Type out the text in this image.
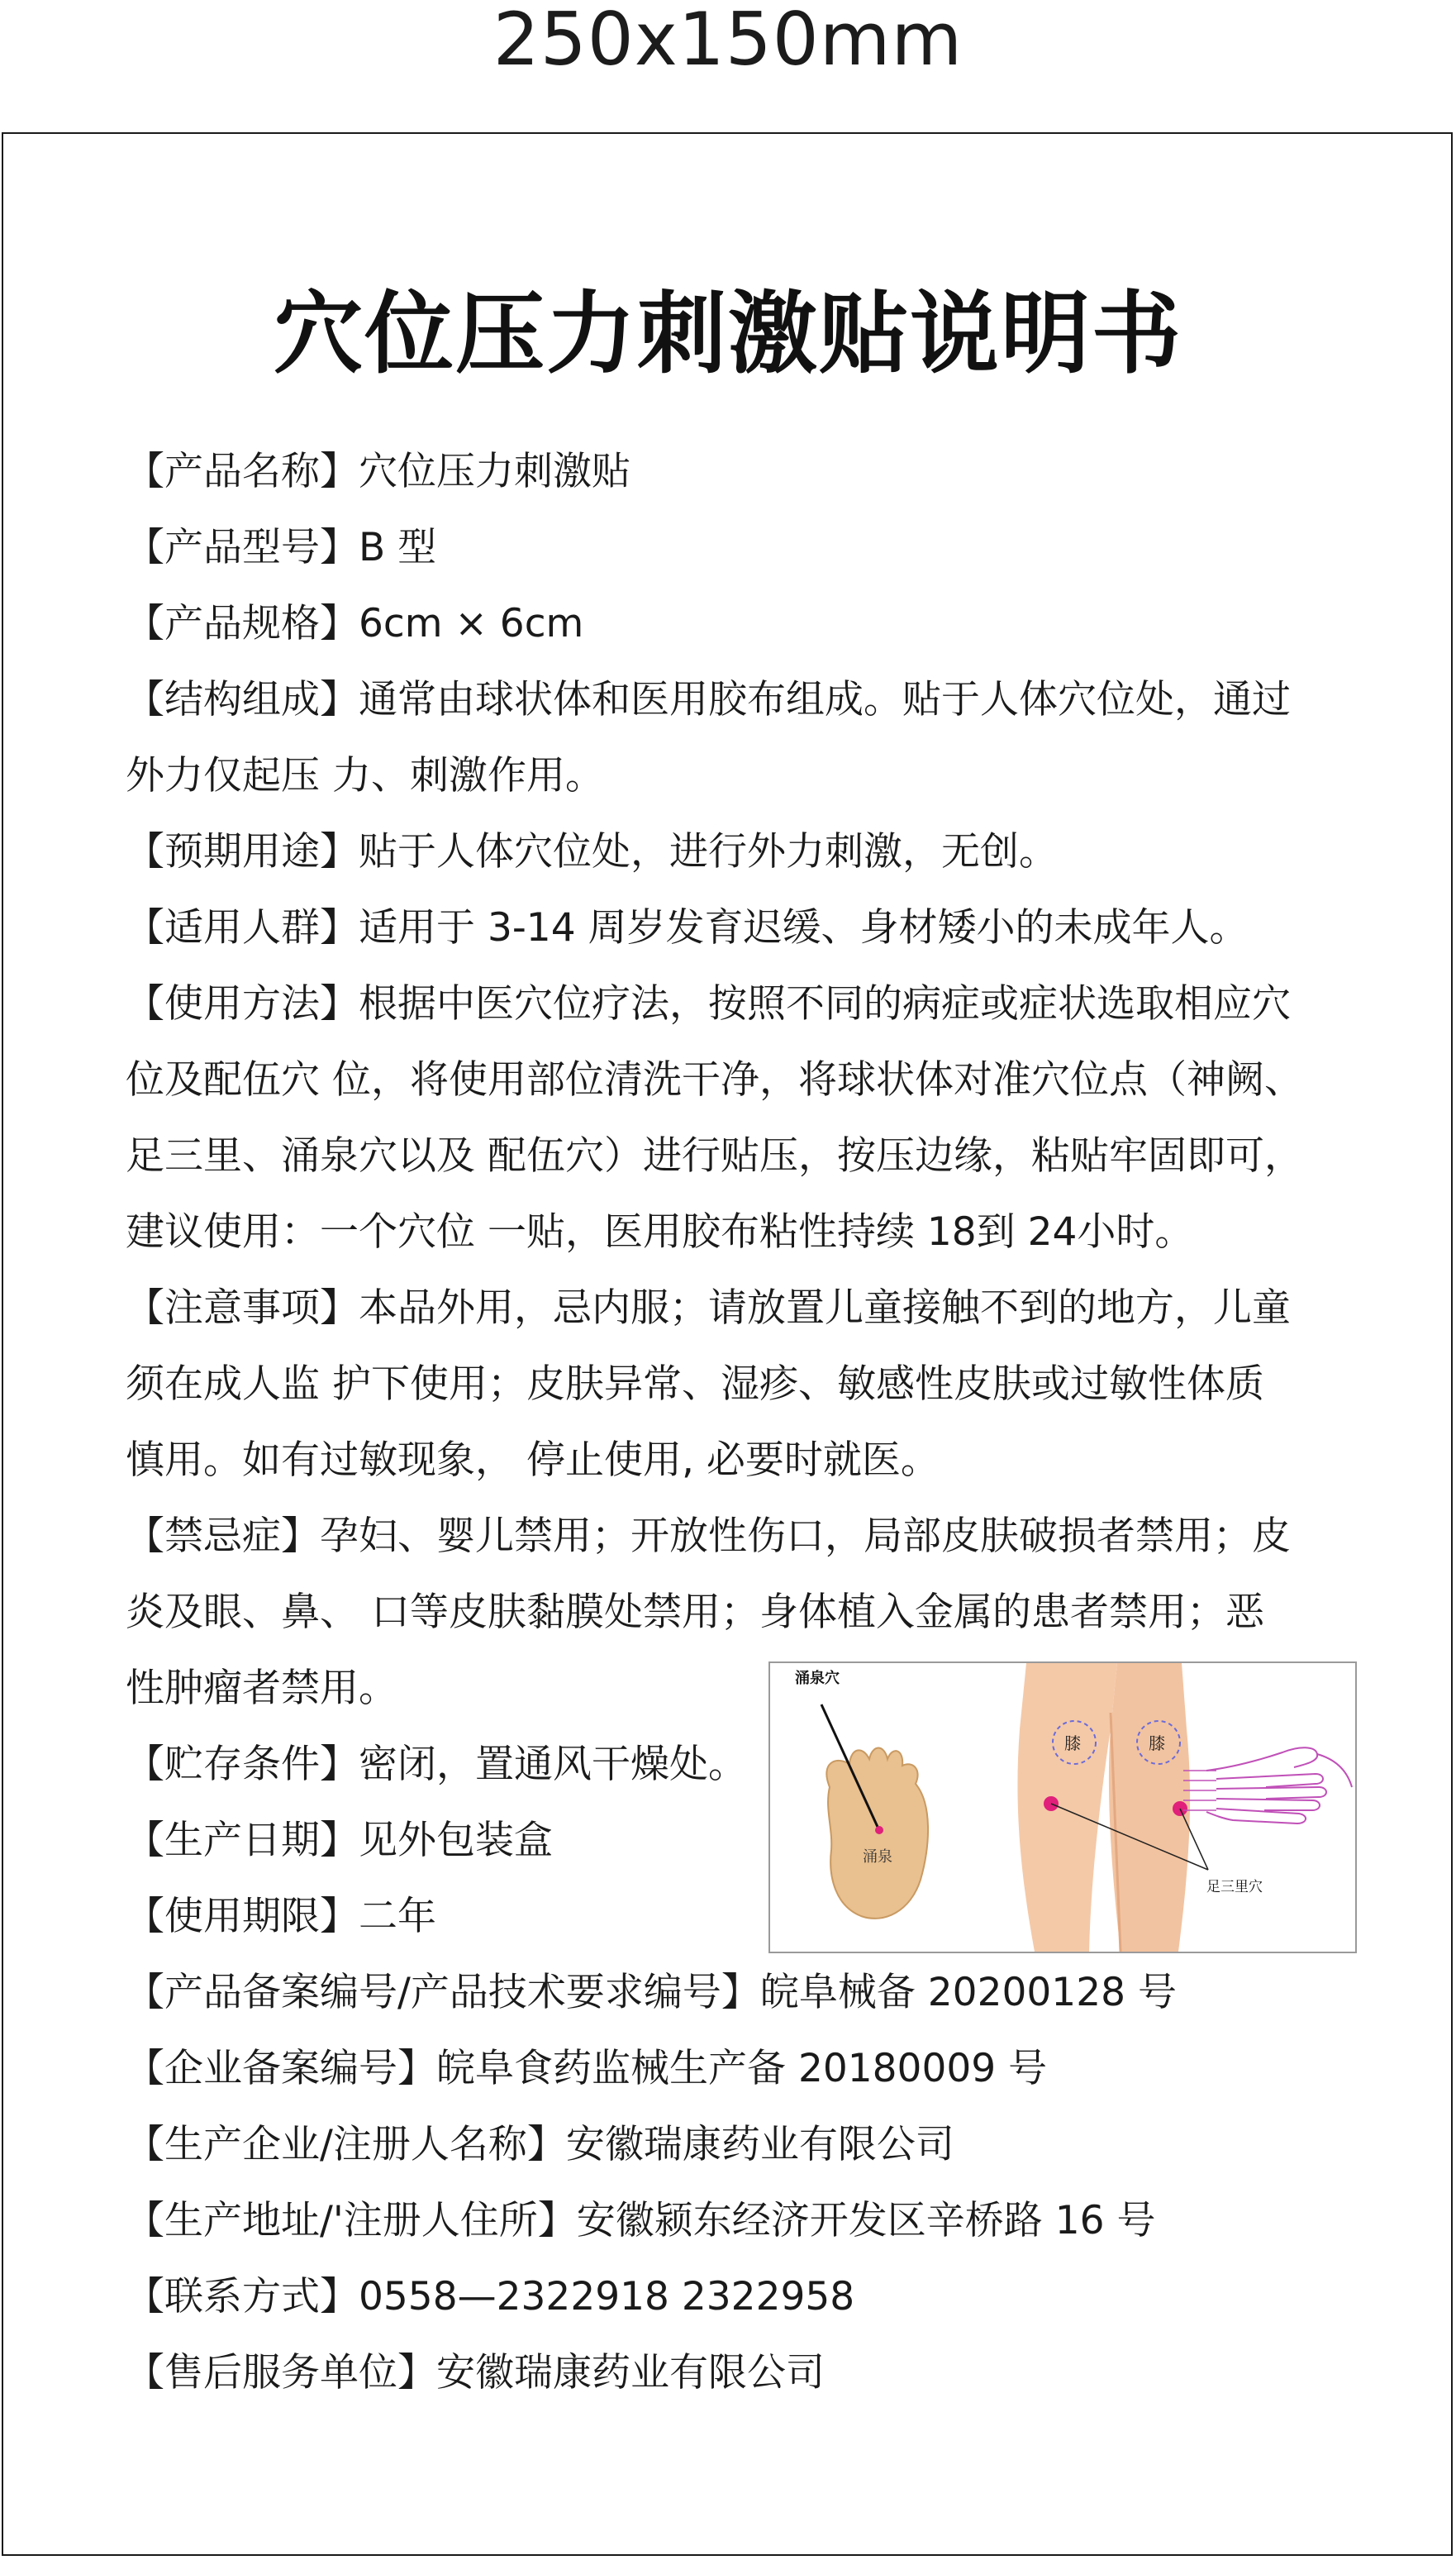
250x150mm
穴位压力刺激贴说明书

【产品名称】穴位压力刺激贴

【产品型号】B 型

【产品规格】6cm × 6cm

【结构组成】通常由球状体和医用胶布组成。贴于人体穴位处，通过

外力仅起压 力、刺激作用。

【预期用途】贴于人体穴位处，进行外力刺激，无创。

【适用人群】适用于 3-14 周岁发育迟缓、身材矮小的未成年人。

【使用方法】根据中医穴位疗法，按照不同的病症或症状选取相应穴

位及配伍穴 位，将使用部位清洗干净，将球状体对准穴位点（神阙、

足三里、涌泉穴以及 配伍穴）进行贴压，按压边缘，粘贴牢固即可，

建议使用：一个穴位 一贴，医用胶布粘性持续 18到 24小时。

【注意事项】本品外用，忌内服；请放置儿童接触不到的地方，儿童

须在成人监 护下使用；皮肤异常、湿疹、敏感性皮肤或过敏性体质

慎用。如有过敏现象， 停止使用, 必要时就医。

【禁忌症】孕妇、婴儿禁用；开放性伤口，局部皮肤破损者禁用；皮

炎及眼、鼻、 口等皮肤黏膜处禁用；身体植入金属的患者禁用；恶

性肿瘤者禁用。

【贮存条件】密闭，置通风干燥处。

【生产日期】见外包装盒

【使用期限】二年

【产品备案编号/产品技术要求编号】皖阜械备 20200128 号

【企业备案编号】皖阜食药监械生产备 20180009 号

【生产企业/注册人名称】安徽瑞康药业有限公司

【生产地址/'注册人住所】安徽颍东经济开发区辛桥路 16 号

【联系方式】0558—2322918 2322958

【售后服务单位】安徽瑞康药业有限公司

涌泉穴
涌泉
膝	膝
足三里穴
